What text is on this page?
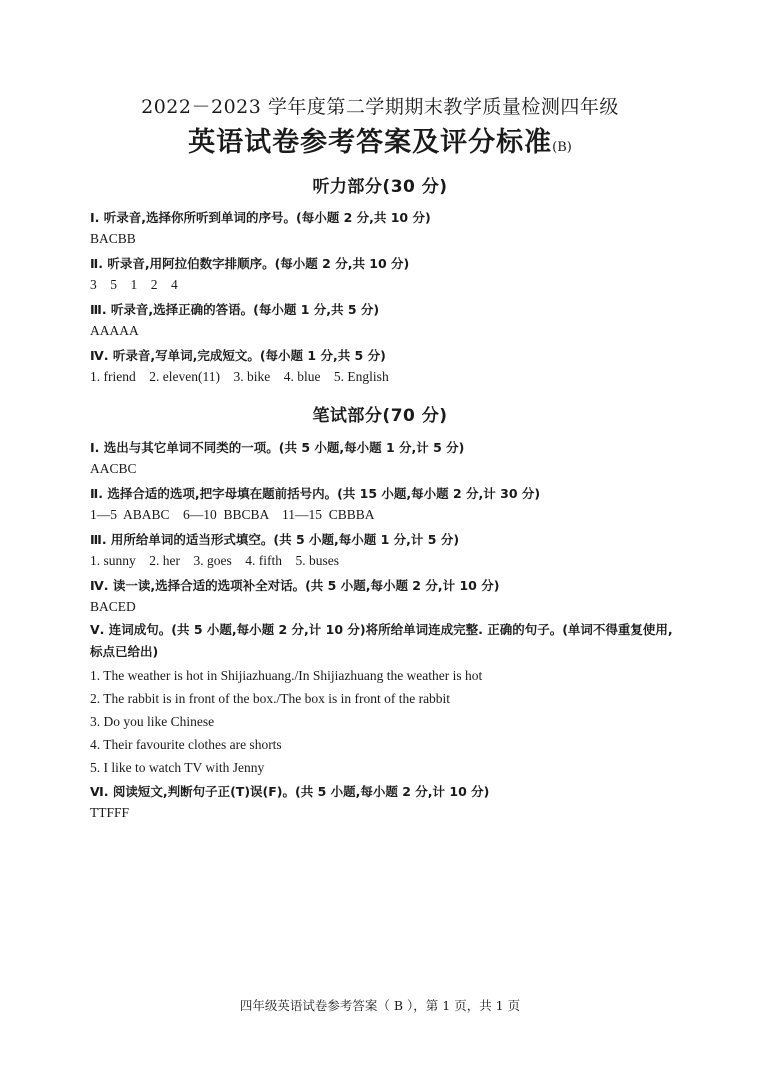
2022－2023 学年度第二学期期末教学质量检测四年级
英语试卷参考答案及评分标准(B)
听力部分(30 分)
Ⅰ. 听录音,选择你所听到单词的序号。(每小题 2 分,共 10 分)
BACBB
Ⅱ. 听录音,用阿拉伯数字排顺序。(每小题 2 分,共 10 分)
3    5    1    2    4
Ⅲ. 听录音,选择正确的答语。(每小题 1 分,共 5 分)
AAAAA
Ⅳ. 听录音,写单词,完成短文。(每小题 1 分,共 5 分)
1. friend    2. eleven(11)    3. bike    4. blue    5. English
笔试部分(70 分)
Ⅰ. 选出与其它单词不同类的一项。(共 5 小题,每小题 1 分,计 5 分)
AACBC
Ⅱ. 选择合适的选项,把字母填在题前括号内。(共 15 小题,每小题 2 分,计 30 分)
1—5  ABABC    6—10  BBCBA    11—15  CBBBA
Ⅲ. 用所给单词的适当形式填空。(共 5 小题,每小题 1 分,计 5 分)
1. sunny    2. her    3. goes    4. fifth    5. buses
Ⅳ. 读一读,选择合适的选项补全对话。(共 5 小题,每小题 2 分,计 10 分)
BACED
Ⅴ. 连词成句。(共 5 小题,每小题 2 分,计 10 分)将所给单词连成完整. 正确的句子。(单词不得重复使用,标点已给出)
1. The weather is hot in Shijiazhuang./In Shijiazhuang the weather is hot
2. The rabbit is in front of the box./The box is in front of the rabbit
3. Do you like Chinese
4. Their favourite clothes are shorts
5. I like to watch TV with Jenny
Ⅵ. 阅读短文,判断句子正(T)误(F)。(共 5 小题,每小题 2 分,计 10 分)
TTFFF
四年级英语试卷参考答案（ B ），第 1 页，共 1 页
